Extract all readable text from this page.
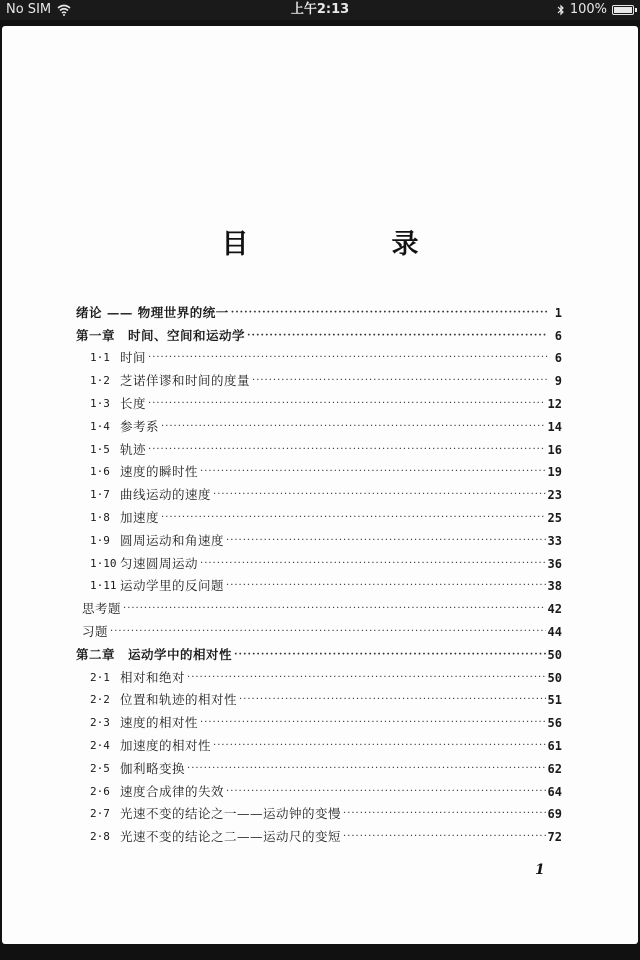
No SIM	上午2:13	100%
目　录
绪论 —— 物理世界的统一 ·····	1
第一章　时间、空间和运动学 ·····	6
1·1 时间 ·····	6
1·2 芝诺佯谬和时间的度量 ·····	9
1·3 长度 ·····	12
1·4 参考系 ·····	14
1·5 轨迹 ·····	16
1·6 速度的瞬时性 ·····	19
1·7 曲线运动的速度 ·····	23
1·8 加速度 ·····	25
1·9 圆周运动和角速度 ·····	33
1·10 匀速圆周运动 ·····	36
1·11 运动学里的反问题 ·····	38
思考题 ·····	42
习题 ·····	44
第二章　运动学中的相对性 ·····	50
2·1 相对和绝对 ·····	50
2·2 位置和轨迹的相对性 ·····	51
2·3 速度的相对性 ·····	56
2·4 加速度的相对性 ·····	61
2·5 伽利略变换 ·····	62
2·6 速度合成律的失效 ·····	64
2·7 光速不变的结论之一——运动钟的变慢 ·····	69
2·8 光速不变的结论之二——运动尺的变短 ·····	72
1
